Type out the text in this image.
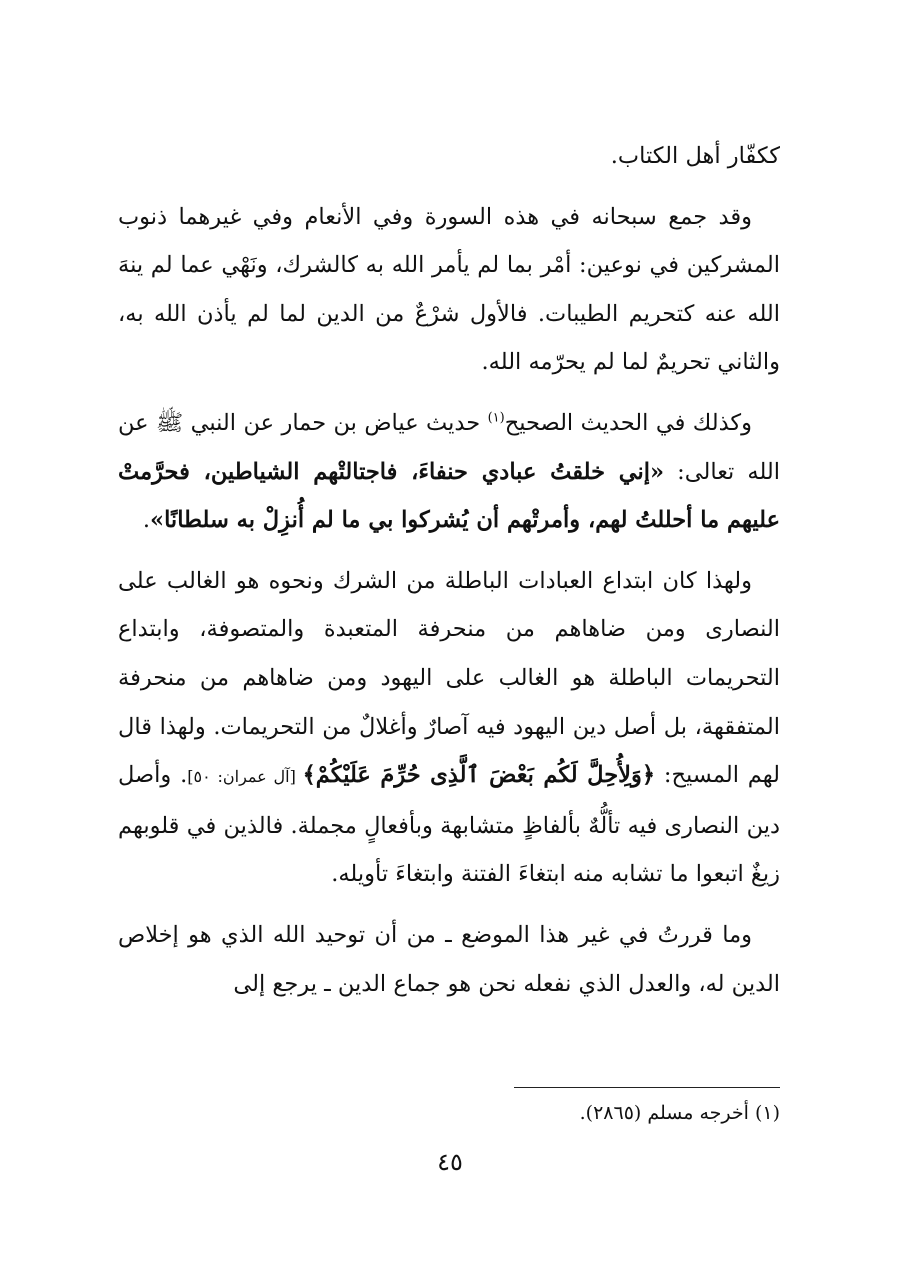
ككفّار أهل الكتاب.

وقد جمع سبحانه في هذه السورة وفي الأنعام وفي غيرهما ذنوب المشركين في نوعين: أمْر بما لم يأمر الله به كالشرك، ونَهْي عما لم ينهَ الله عنه كتحريم الطيبات. فالأول شرْعٌ من الدين لما لم يأذن الله به، والثاني تحريمٌ لما لم يحرّمه الله.

وكذلك في الحديث الصحيح$^{(١)}$ حديث عياض بن حمار عن النبي ﷺ عن الله تعالى: «إني خلقتُ عبادي حنفاءَ، فاجتالتْهم الشياطين، فحرَّمتْ عليهم ما أحللتُ لهم، وأمرتْهم أن يُشركوا بي ما لم أُنزِلْ به سلطانًا».

ولهذا كان ابتداع العبادات الباطلة من الشرك ونحوه هو الغالب على النصارى ومن ضاهاهم من منحرفة المتعبدة والمتصوفة، وابتداع التحريمات الباطلة هو الغالب على اليهود ومن ضاهاهم من منحرفة المتفقهة، بل أصل دين اليهود فيه آصارٌ وأغلالٌ من التحريمات. ولهذا قال لهم المسيح: ﴿وَلِأُحِلَّ لَكُم بَعْضَ ٱلَّذِى حُرِّمَ عَلَيْكُمْ﴾ [آل عمران: ٥٠]. وأصل دين النصارى فيه تألُّهٌ بألفاظٍ متشابهة وبأفعالٍ مجملة. فالذين في قلوبهم زيغٌ اتبعوا ما تشابه منه ابتغاءَ الفتنة وابتغاءَ تأويله.

وما قررتُ في غير هذا الموضع ـ من أن توحيد الله الذي هو إخلاص الدين له، والعدل الذي نفعله نحن هو جماع الدين ـ يرجع إلى

(١) أخرجه مسلم (٢٨٦٥).
٤٥
